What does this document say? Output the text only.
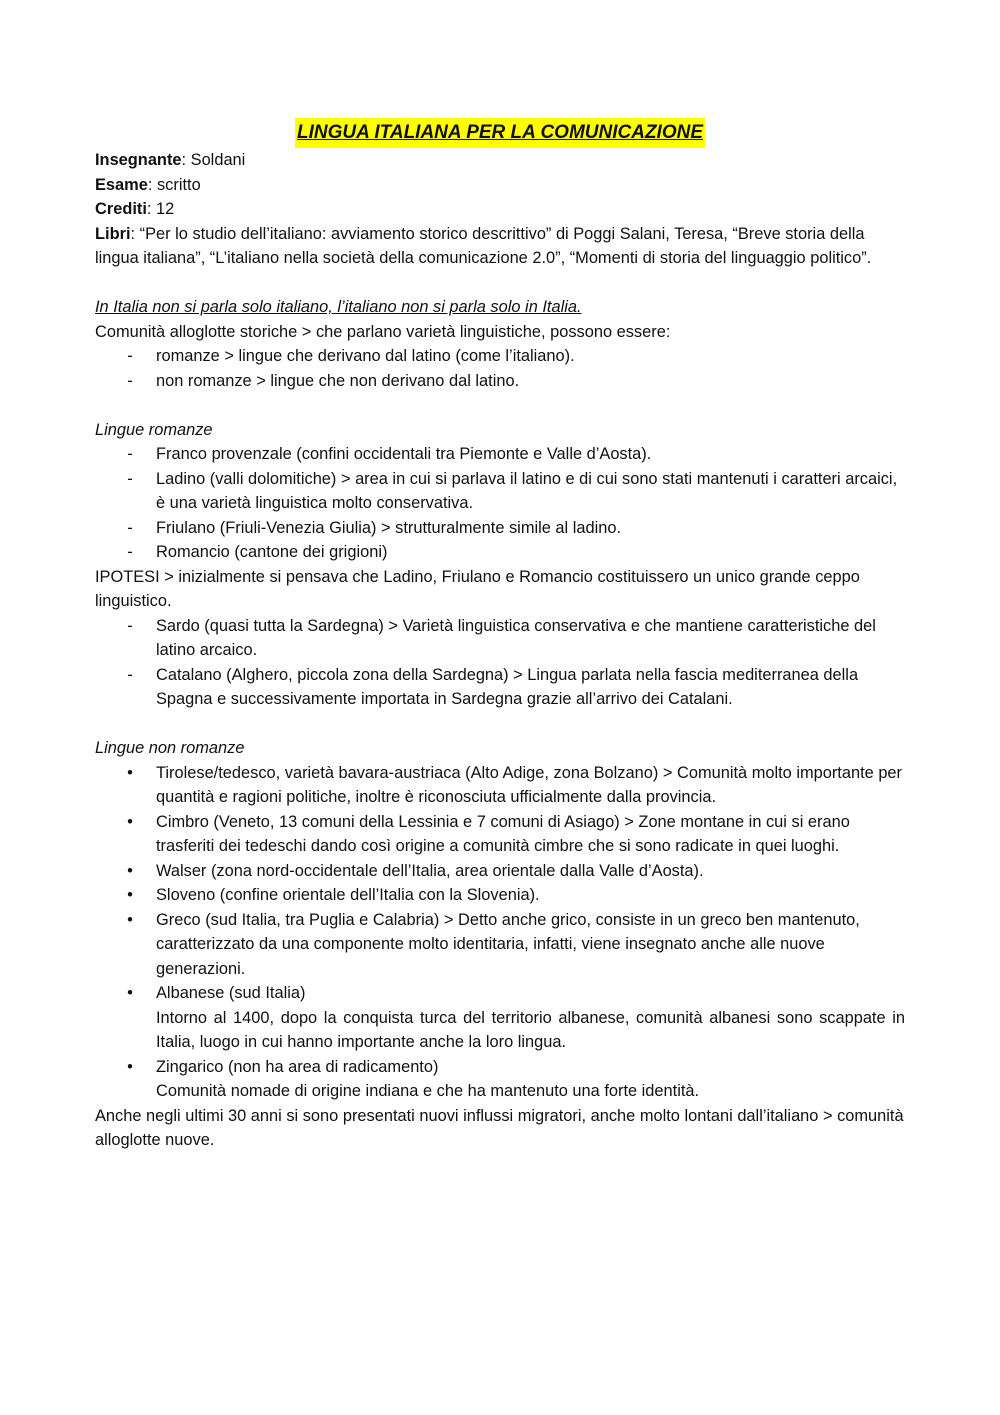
LINGUA ITALIANA PER LA COMUNICAZIONE

Insegnante: Soldani

Esame: scritto

Crediti: 12

Libri: “Per lo studio dell’italiano: avviamento storico descrittivo” di Poggi Salani, Teresa, “Breve storia della lingua italiana”, “L’italiano nella società della comunicazione 2.0”, “Momenti di storia del linguaggio politico”.

In Italia non si parla solo italiano, l’italiano non si parla solo in Italia.

Comunità alloglotte storiche > che parlano varietà linguistiche, possono essere:

- romanze > lingue che derivano dal latino (come l’italiano).
- non romanze > lingue che non derivano dal latino.

Lingue romanze

- Franco provenzale (confini occidentali tra Piemonte e Valle d’Aosta).
- Ladino (valli dolomitiche) > area in cui si parlava il latino e di cui sono stati mantenuti i caratteri arcaici, è una varietà linguistica molto conservativa.
- Friulano (Friuli-Venezia Giulia) > strutturalmente simile al ladino.
- Romancio (cantone dei grigioni)

IPOTESI > inizialmente si pensava che Ladino, Friulano e Romancio costituissero un unico grande ceppo linguistico.

- Sardo (quasi tutta la Sardegna) > Varietà linguistica conservativa e che mantiene caratteristiche del latino arcaico.
- Catalano (Alghero, piccola zona della Sardegna) > Lingua parlata nella fascia mediterranea della Spagna e successivamente importata in Sardegna grazie all’arrivo dei Catalani.

Lingue non romanze

• Tirolese/tedesco, varietà bavara-austriaca (Alto Adige, zona Bolzano) > Comunità molto importante per quantità e ragioni politiche, inoltre è riconosciuta ufficialmente dalla provincia.
• Cimbro (Veneto, 13 comuni della Lessinia e 7 comuni di Asiago) > Zone montane in cui si erano trasferiti dei tedeschi dando così origine a comunità cimbre che si sono radicate in quei luoghi.
• Walser (zona nord-occidentale dell’Italia, area orientale dalla Valle d’Aosta).
• Sloveno (confine orientale dell’Italia con la Slovenia).
• Greco (sud Italia, tra Puglia e Calabria) > Detto anche grico, consiste in un greco ben mantenuto, caratterizzato da una componente molto identitaria, infatti, viene insegnato anche alle nuove generazioni.
• Albanese (sud Italia)
Intorno al 1400, dopo la conquista turca del territorio albanese, comunità albanesi sono scappate in Italia, luogo in cui hanno importante anche la loro lingua.
• Zingarico (non ha area di radicamento)
Comunità nomade di origine indiana e che ha mantenuto una forte identità.

Anche negli ultimi 30 anni si sono presentati nuovi influssi migratori, anche molto lontani dall’italiano > comunità alloglotte nuove.
